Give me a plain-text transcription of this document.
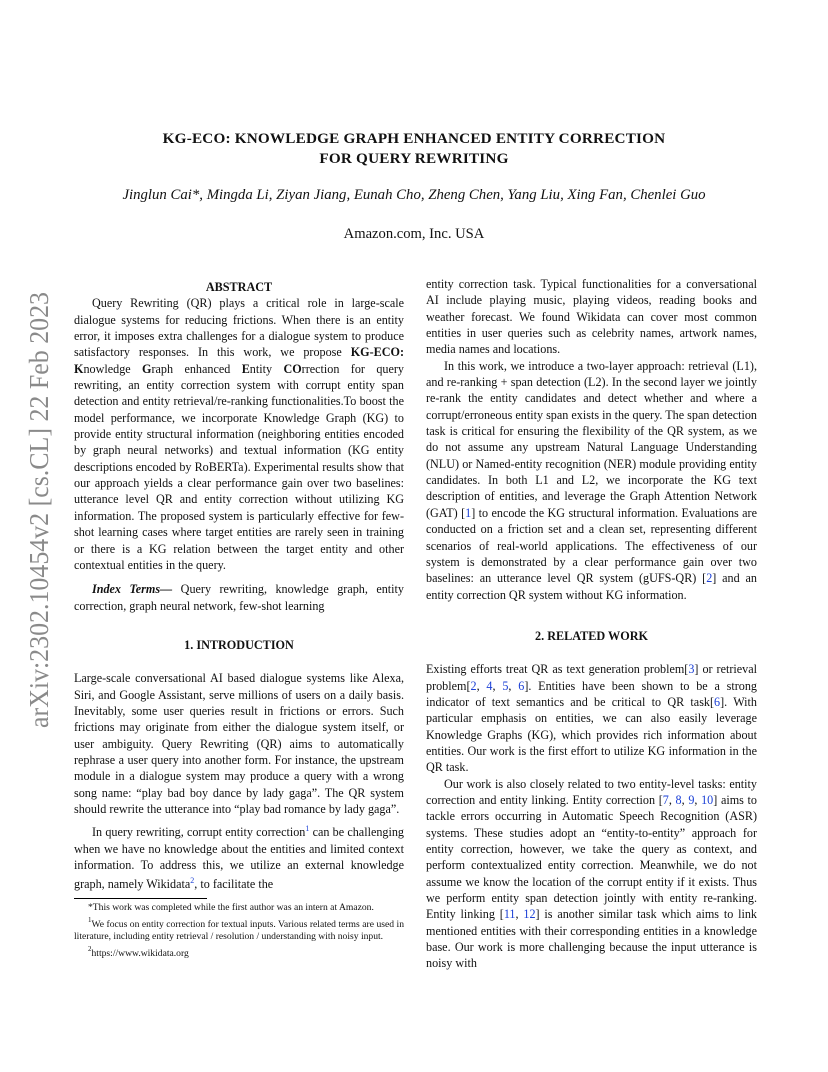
arXiv:2302.10454v2 [cs.CL] 22 Feb 2023
KG-ECO: KNOWLEDGE GRAPH ENHANCED ENTITY CORRECTION
FOR QUERY REWRITING
Jinglun Cai*, Mingda Li, Ziyan Jiang, Eunah Cho, Zheng Chen, Yang Liu, Xing Fan, Chenlei Guo
Amazon.com, Inc. USA

ABSTRACT

Query Rewriting (QR) plays a critical role in large-scale dialogue systems for reducing frictions. When there is an entity error, it imposes extra challenges for a dialogue system to produce satisfactory responses. In this work, we propose KG-ECO: Knowledge Graph enhanced Entity COrrection for query rewriting, an entity correction system with corrupt entity span detection and entity retrieval/re-ranking functionalities.To boost the model performance, we incorporate Knowledge Graph (KG) to provide entity structural information (neighboring entities encoded by graph neural networks) and textual information (KG entity descriptions encoded by RoBERTa). Experimental results show that our approach yields a clear performance gain over two baselines: utterance level QR and entity correction without utilizing KG information. The proposed system is particularly effective for few-shot learning cases where target entities are rarely seen in training or there is a KG relation between the target entity and other contextual entities in the query.

Index Terms— Query rewriting, knowledge graph, entity correction, graph neural network, few-shot learning

1. INTRODUCTION

Large-scale conversational AI based dialogue systems like Alexa, Siri, and Google Assistant, serve millions of users on a daily basis. Inevitably, some user queries result in frictions or errors. Such frictions may originate from either the dialogue system itself, or user ambiguity. Query Rewriting (QR) aims to automatically rephrase a user query into another form. For instance, the upstream module in a dialogue system may produce a query with a wrong song name: “play bad boy dance by lady gaga”. The QR system should rewrite the utterance into “play bad romance by lady gaga”.

In query rewriting, corrupt entity correction$^1$ can be challenging when we have no knowledge about the entities and limited context information. To address this, we utilize an external knowledge graph, namely Wikidata$^2$, to facilitate the

*This work was completed while the first author was an intern at Amazon.

$^1$We focus on entity correction for textual inputs. Various related terms are used in literature, including entity retrieval / resolution / understanding with noisy input.

$^2$https://www.wikidata.org

entity correction task. Typical functionalities for a conversational AI include playing music, playing videos, reading books and weather forecast. We found Wikidata can cover most common entities in user queries such as celebrity names, artwork names, media names and locations.

In this work, we introduce a two-layer approach: retrieval (L1), and re-ranking + span detection (L2). In the second layer we jointly re-rank the entity candidates and detect whether and where a corrupt/erroneous entity span exists in the query. The span detection task is critical for ensuring the flexibility of the QR system, as we do not assume any upstream Natural Language Understanding (NLU) or Named-entity recognition (NER) module providing entity candidates. In both L1 and L2, we incorporate the KG text description of entities, and leverage the Graph Attention Network (GAT) [1] to encode the KG structural information. Evaluations are conducted on a friction set and a clean set, representing different scenarios of real-world applications. The effectiveness of our system is demonstrated by a clear performance gain over two baselines: an utterance level QR system (gUFS-QR) [2] and an entity correction QR system without KG information.

2. RELATED WORK

Existing efforts treat QR as text generation problem[3] or retrieval problem[2, 4, 5, 6]. Entities have been shown to be a strong indicator of text semantics and be critical to QR task[6]. With particular emphasis on entities, we can also easily leverage Knowledge Graphs (KG), which provides rich information about entities. Our work is the first effort to utilize KG information in the QR task.

Our work is also closely related to two entity-level tasks: entity correction and entity linking. Entity correction [7, 8, 9, 10] aims to tackle errors occurring in Automatic Speech Recognition (ASR) systems. These studies adopt an “entity-to-entity” approach for entity correction, however, we take the query as context, and perform contextualized entity correction. Meanwhile, we do not assume we know the location of the corrupt entity if it exists. Thus we perform entity span detection jointly with entity re-ranking. Entity linking [11, 12] is another similar task which aims to link mentioned entities with their corresponding entities in a knowledge base. Our work is more challenging because the input utterance is noisy with
